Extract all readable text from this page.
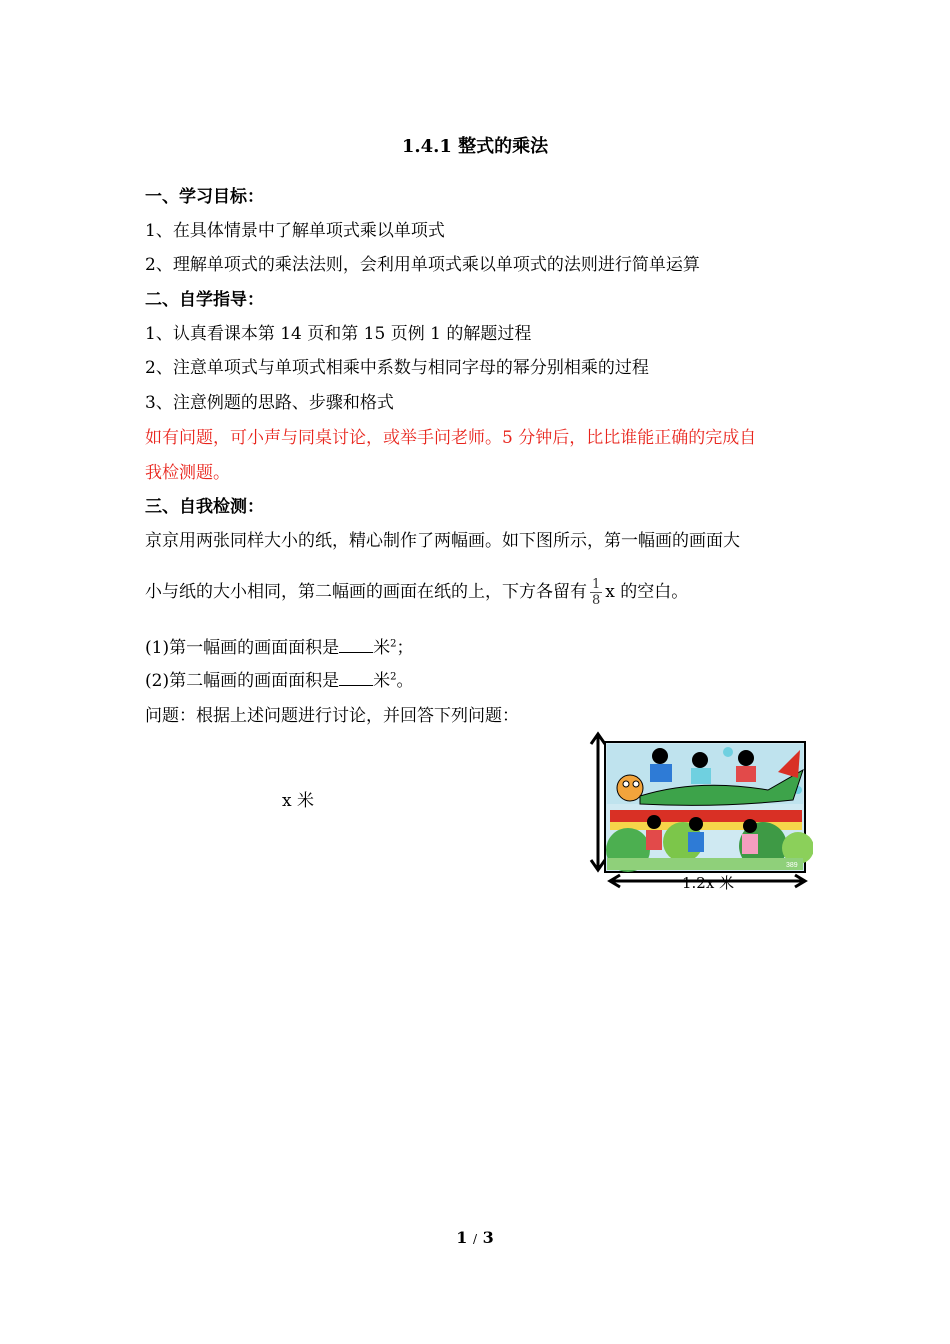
1.4.1 整式的乘法
一、学习目标：
1、在具体情景中了解单项式乘以单项式
2、理解单项式的乘法法则，会利用单项式乘以单项式的法则进行简单运算
二、自学指导：
1、认真看课本第 14 页和第 15 页例 1 的解题过程
2、注意单项式与单项式相乘中系数与相同字母的幂分别相乘的过程
3、注意例题的思路、步骤和格式
如有问题，可小声与同桌讨论，或举手问老师。5 分钟后，比比谁能正确的完成自
我检测题。
三、自我检测：
京京用两张同样大小的纸，精心制作了两幅画。如下图所示，第一幅画的画面大
小与纸的大小相同，第二幅画的画面在纸的上，下方各留有 $\frac{1}{8}$ x 的空白。
(1)第一幅画的画面面积是 米$^2$；
(2)第二幅画的画面面积是 米$^2$。
问题：根据上述问题进行讨论，并回答下列问题：
x 米
389
1.2x 米
1 / 3
